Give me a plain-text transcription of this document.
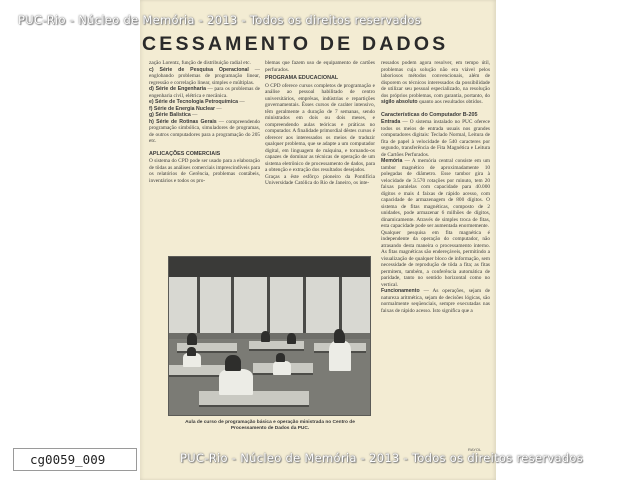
CESSAMENTO DE DADOS

zação Lorentz, função de distribuição radial etc.

c) Série de Pesquisa Operacional — englobando problemas de programação linear, regressão e correlação linear, simples e múltiplas.

d) Série de Engenharia — para os problemas de engenharia civil, elétrica e mecânica.

e) Série de Tecnologia Petroquímica —

f) Série de Energia Nuclear —

g) Série Balística —

h) Série de Rotinas Gerais — compreendendo programação simbólica, simuladores de programas, de outros computadores para a programação do 205 etc.

APLICAÇÕES COMERCIAIS

O sistema do CPD pode ser usado para a elaboração de tôdas as análises comerciais imprescindíveis para os relatórios de Gerência, problemas contábeis, inventários e todos os pro-

blemas que fazem uso de equipamento de cartões perfurados.

PROGRAMA EDUCACIONAL

O CPD oferece cursos completos de programação e análise ao pessoal habilitado de centro universitários, emprêsas, indústrias e repartições governamentais. Êsses cursos de caráter intensivo, têm geralmente a duração de 7 semanas, sendo ministrados em dois ou dois meses, e compreendendo aulas teóricas e práticas no computador. A finalidade primordial dêstes cursos é oferecer aos interessados os meios de traduzir qualquer problema, que se adapte a um computador digital, em linguagem de máquina, e tornando-os capazes de dominar as técnicas de operação de um sistema eletrônico de processamento de dados, para a obtenção e extração dos resultados desejados.

Graças a êste esfôrço pioneiro da Pontifícia Universidade Católica do Rio de Janeiro, os inte-

ressados podem agora resolver, em tempo útil, problemas cuja solução não era viável pelos laboriosos métodos convencionais, além de disporem os técnicos interessados da possibilidade de utilizar seu pessoal especializado, na resolução dos próprios problemas, com garantia, portanto, do sigilo absoluto quanto aos resultados obtidos.

Características do Computador B-205

Entrada — O sistema instalado no PUC oferece todos os meios de entrada usuais nos grandes computadores digitais: Teclado Normal, Leitura de fita de papel à velocidade de 540 caracteres por segundo, transferência de Fita Magnética e Leitura de Cartões Perfurados.

Memória — A memória central consiste em um tambor magnético de aproximadamente 10 polegadas de diâmetro. Esse tambor gira à velocidade de 3.570 rotações por minuto, tem 20 faixas paralelas com capacidade para 40.000 dígitos e mais 4 faixas de rápido acesso, com capacidade de armazenagem de 800 dígitos. O sistema de fitas magnéticas, composto de 2 unidades, pode armazenar 6 milhões de dígitos, dinamicamente. Através de simples troca de fitas, esta capacidade pode ser aumentada enormemente.

Qualquer pesquisa em fita magnética é independente da operação do computador, não atrasando desta maneira o processamento interno. As fitas magnéticas são endereçáveis, permitindo a visualização de qualquer bloco de informação, sem necessidade de reprodução de tôda a fita; as fitas permitem, também, a conferência automática de paridade, tanto no sentido horizontal como no vertical.

Funcionamento — As operações, sejam de natureza aritmética, sejam de decisões lógicas, são normalmente seqüenciais, sempre executadas nas faixas de rápido acesso. Isto significa que a

Aula de curso de programação básica e operação ministrada no Centro de Processamento de Dados da PUC.
RAYOL
PUC-Rio - Núcleo de Memória - 2013 - Todos os direitos reservados
PUC-Rio - Núcleo de Memória - 2013 - Todos os direitos reservados
cg0059_009
